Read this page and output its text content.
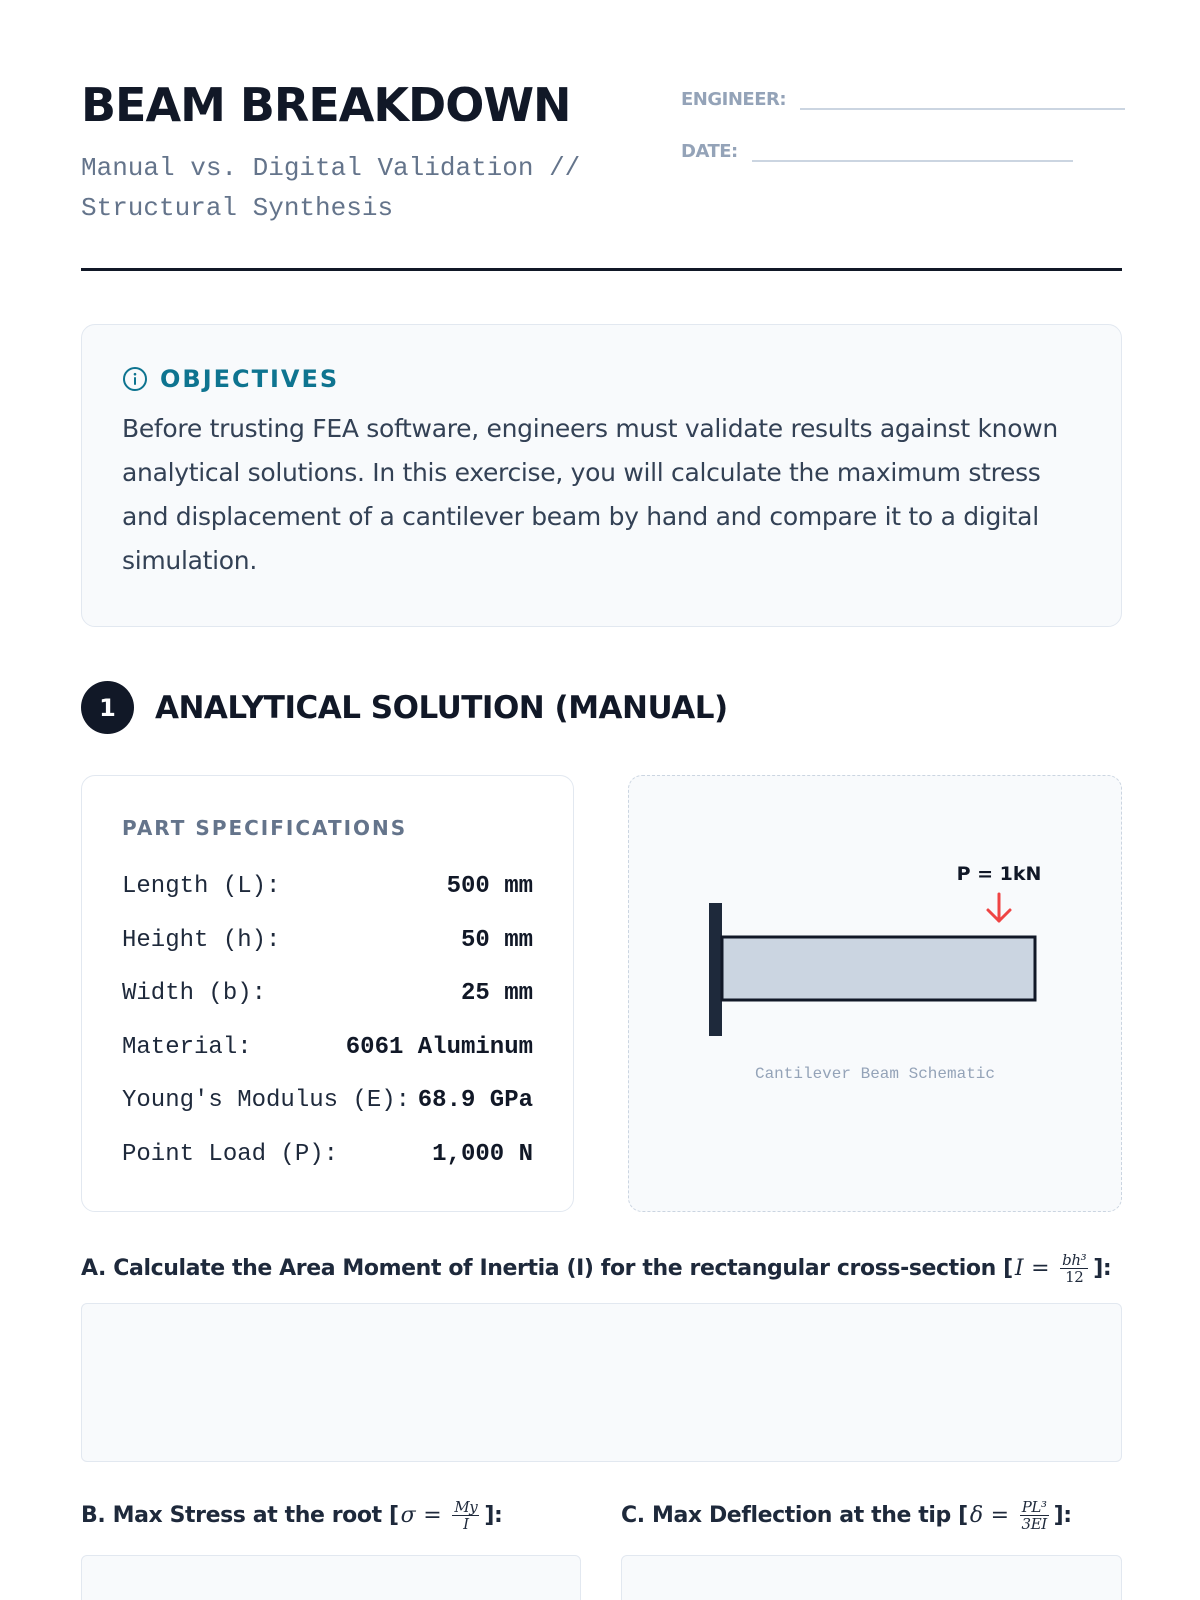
BEAM BREAKDOWN
Manual vs. Digital Validation //
Structural Synthesis
ENGINEER:
DATE:
OBJECTIVES

Before trusting FEA software, engineers must validate results against known analytical solutions. In this exercise, you will calculate the maximum stress and displacement of a cantilever beam by hand and compare it to a digital simulation.

1	ANALYTICAL SOLUTION (MANUAL)
PART SPECIFICATIONS
Length (L):	500 mm
Height (h):	50 mm
Width (b):	25 mm
Material:	6061 Aluminum
Young's Modulus (E): 68.9 GPa
Point Load (P):	1,000 N
P = 1kN
Cantilever Beam Schematic
A. Calculate the Area Moment of Inertia (I) for the rectangular cross-section [ $I = \frac{\text{bh³}}{12}$ ]:
B. Max Stress at the root [ $\sigma = \frac{My}{I}$ ]:	C. Max Deflection at the tip [ $\delta = \frac{\text{PL³}}{3EI}$ ]:
